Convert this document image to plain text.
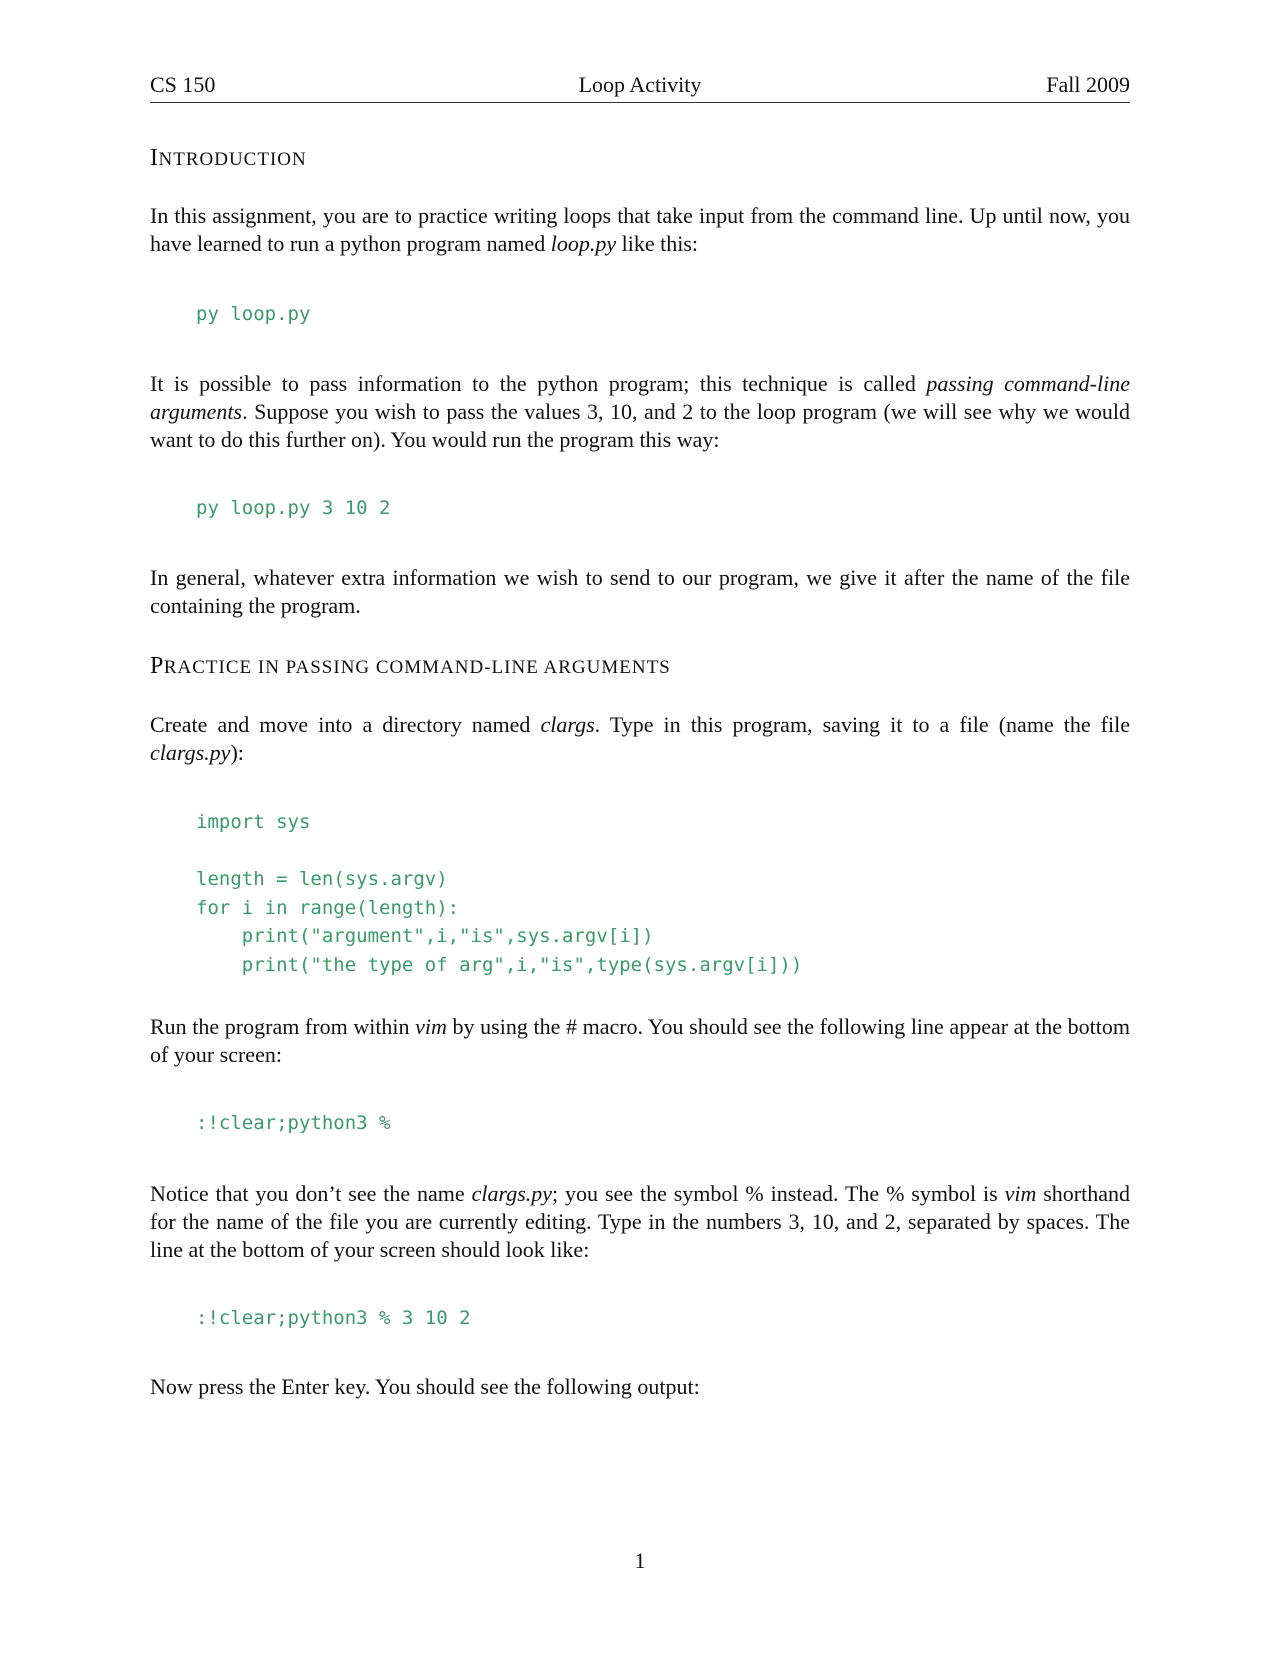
CS 150	Loop Activity	Fall 2009
INTRODUCTION

In this assignment, you are to practice writing loops that take input from the command line. Up until now, you have learned to run a python program named loop.py like this:

py loop.py

It is possible to pass information to the python program; this technique is called passing command-line arguments. Suppose you wish to pass the values 3, 10, and 2 to the loop program (we will see why we would want to do this further on). You would run the program this way:

py loop.py 3 10 2

In general, whatever extra information we wish to send to our program, we give it after the name of the file containing the program.

PRACTICE IN PASSING COMMAND-LINE ARGUMENTS

Create and move into a directory named clargs. Type in this program, saving it to a file (name the file clargs.py):

import sys

length = len(sys.argv)
for i in range(length):
print("argument",i,"is",sys.argv[i])
print("the type of arg",i,"is",type(sys.argv[i]))

Run the program from within vim by using the # macro. You should see the following line appear at the bottom of your screen:

:!clear;python3 %

Notice that you don’t see the name clargs.py; you see the symbol % instead. The % symbol is vim shorthand for the name of the file you are currently editing. Type in the numbers 3, 10, and 2, separated by spaces. The line at the bottom of your screen should look like:

:!clear;python3 % 3 10 2

Now press the Enter key. You should see the following output:

1
